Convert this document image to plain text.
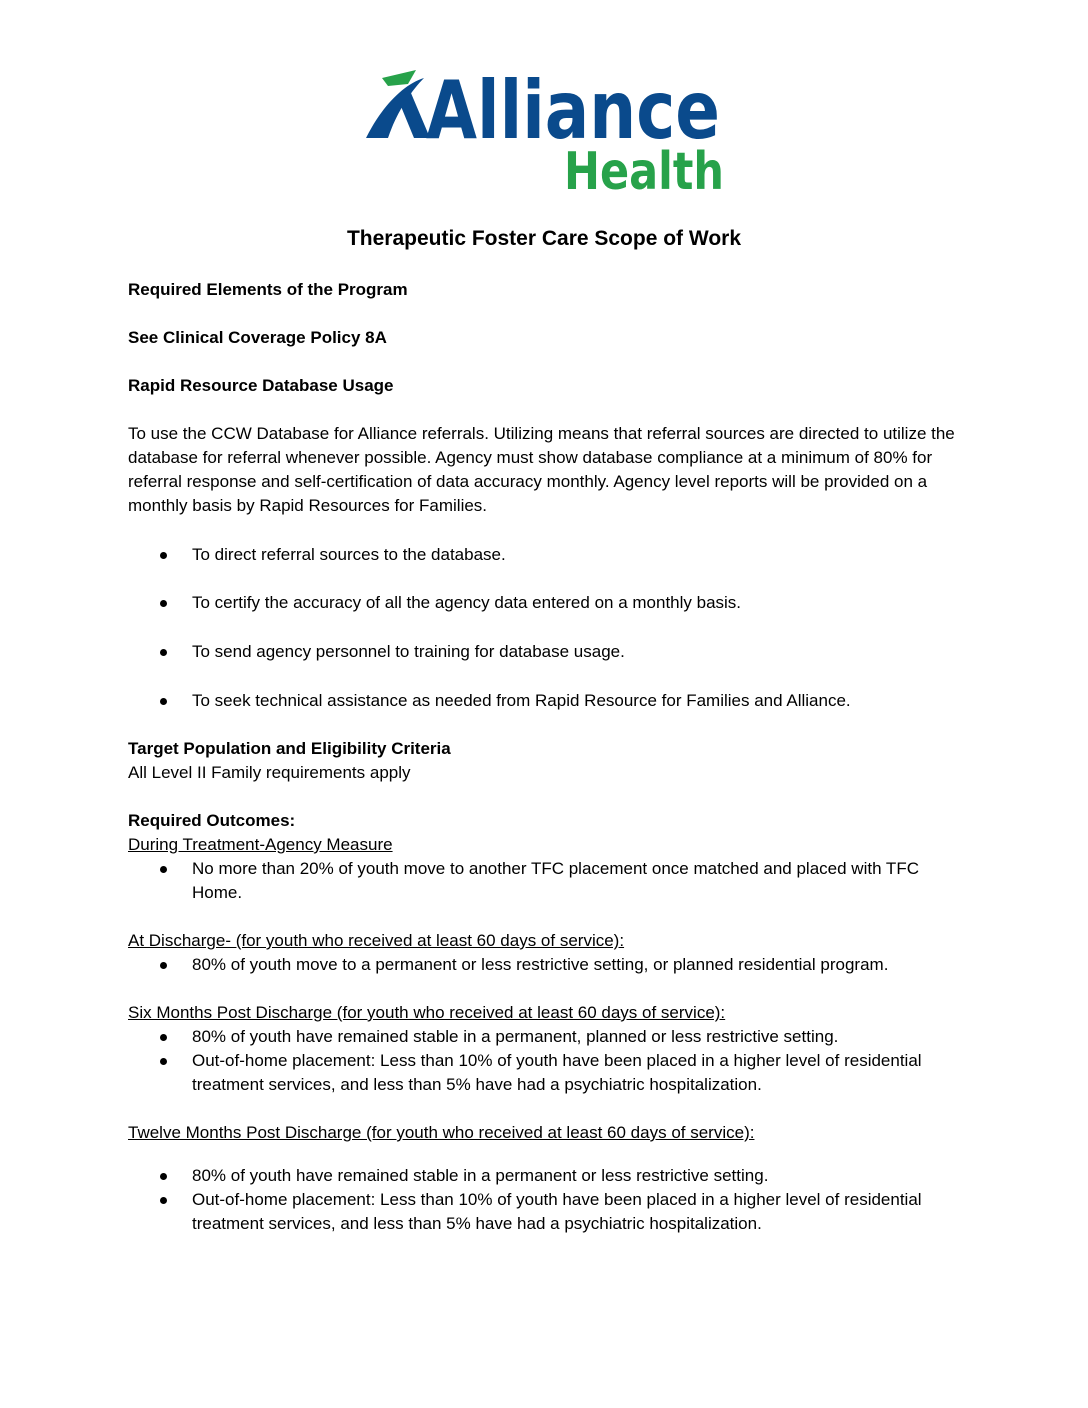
Alliance
Health
Therapeutic Foster Care Scope of Work

Required Elements of the Program

See Clinical Coverage Policy 8A

Rapid Resource Database Usage

To use the CCW Database for Alliance referrals. Utilizing means that referral sources are directed to utilize the database for referral whenever possible. Agency must show database compliance at a minimum of 80% for referral response and self-certification of data accuracy monthly. Agency level reports will be provided on a monthly basis by Rapid Resources for Families.

To direct referral sources to the database.
To certify the accuracy of all the agency data entered on a monthly basis.
To send agency personnel to training for database usage.
To seek technical assistance as needed from Rapid Resource for Families and Alliance.

Target Population and Eligibility Criteria

All Level II Family requirements apply

Required Outcomes:

During Treatment-Agency Measure

No more than 20% of youth move to another TFC placement once matched and placed with TFC Home.

At Discharge- (for youth who received at least 60 days of service):

80% of youth move to a permanent or less restrictive setting, or planned residential program.

Six Months Post Discharge (for youth who received at least 60 days of service):

80% of youth have remained stable in a permanent, planned or less restrictive setting.
Out-of-home placement: Less than 10% of youth have been placed in a higher level of residential treatment services, and less than 5% have had a psychiatric hospitalization.

Twelve Months Post Discharge (for youth who received at least 60 days of service):

80% of youth have remained stable in a permanent or less restrictive setting.
Out-of-home placement: Less than 10% of youth have been placed in a higher level of residential treatment services, and less than 5% have had a psychiatric hospitalization.
